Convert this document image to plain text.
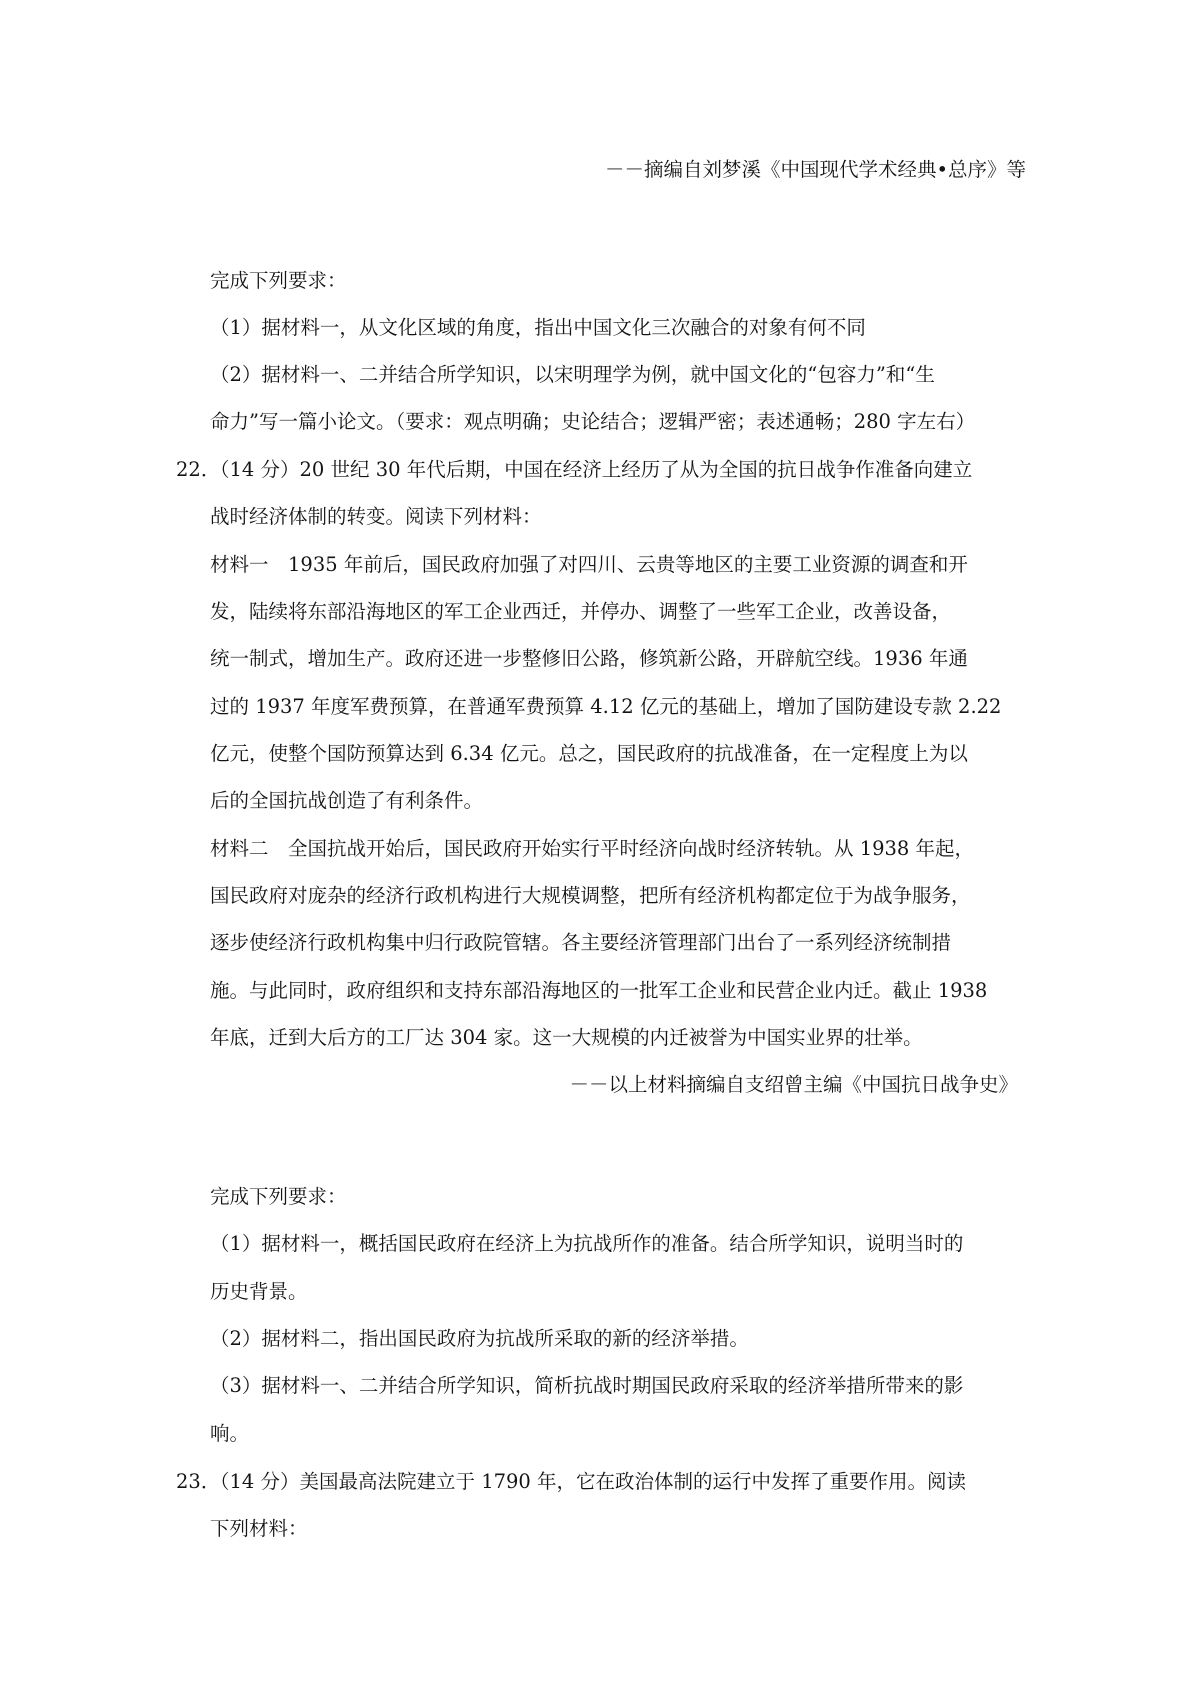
－－摘编自刘梦溪《中国现代学术经典•总序》等
完成下列要求：
（1）据材料一，从文化区域的角度，指出中国文化三次融合的对象有何不同
（2）据材料一、二并结合所学知识，以宋明理学为例，就中国文化的“包容力”和“生
命力”写一篇小论文。（要求：观点明确；史论结合；逻辑严密；表述通畅；280 字左右）
22．
（14 分）20 世纪 30 年代后期，中国在经济上经历了从为全国的抗日战争作准备向建立
战时经济体制的转变。阅读下列材料：
材料一　1935 年前后，国民政府加强了对四川、云贵等地区的主要工业资源的调查和开
发，陆续将东部沿海地区的军工企业西迁，并停办、调整了一些军工企业，改善设备，
统一制式，增加生产。政府还进一步整修旧公路，修筑新公路，开辟航空线。1936 年通
过的 1937 年度军费预算，在普通军费预算 4.12 亿元的基础上，增加了国防建设专款 2.22
亿元，使整个国防预算达到 6.34 亿元。总之，国民政府的抗战准备，在一定程度上为以
后的全国抗战创造了有利条件。
材料二　全国抗战开始后，国民政府开始实行平时经济向战时经济转轨。从 1938 年起，
国民政府对庞杂的经济行政机构进行大规模调整，把所有经济机构都定位于为战争服务，
逐步使经济行政机构集中归行政院管辖。各主要经济管理部门出台了一系列经济统制措
施。与此同时，政府组织和支持东部沿海地区的一批军工企业和民营企业内迁。截止 1938
年底，迁到大后方的工厂达 304 家。这一大规模的内迁被誉为中国实业界的壮举。
－－以上材料摘编自支绍曾主编《中国抗日战争史》
完成下列要求：
（1）据材料一，概括国民政府在经济上为抗战所作的准备。结合所学知识，说明当时的
历史背景。
（2）据材料二，指出国民政府为抗战所采取的新的经济举措。
（3）据材料一、二并结合所学知识，简析抗战时期国民政府采取的经济举措所带来的影
响。
23．
（14 分）美国最高法院建立于 1790 年，它在政治体制的运行中发挥了重要作用。阅读
下列材料：
